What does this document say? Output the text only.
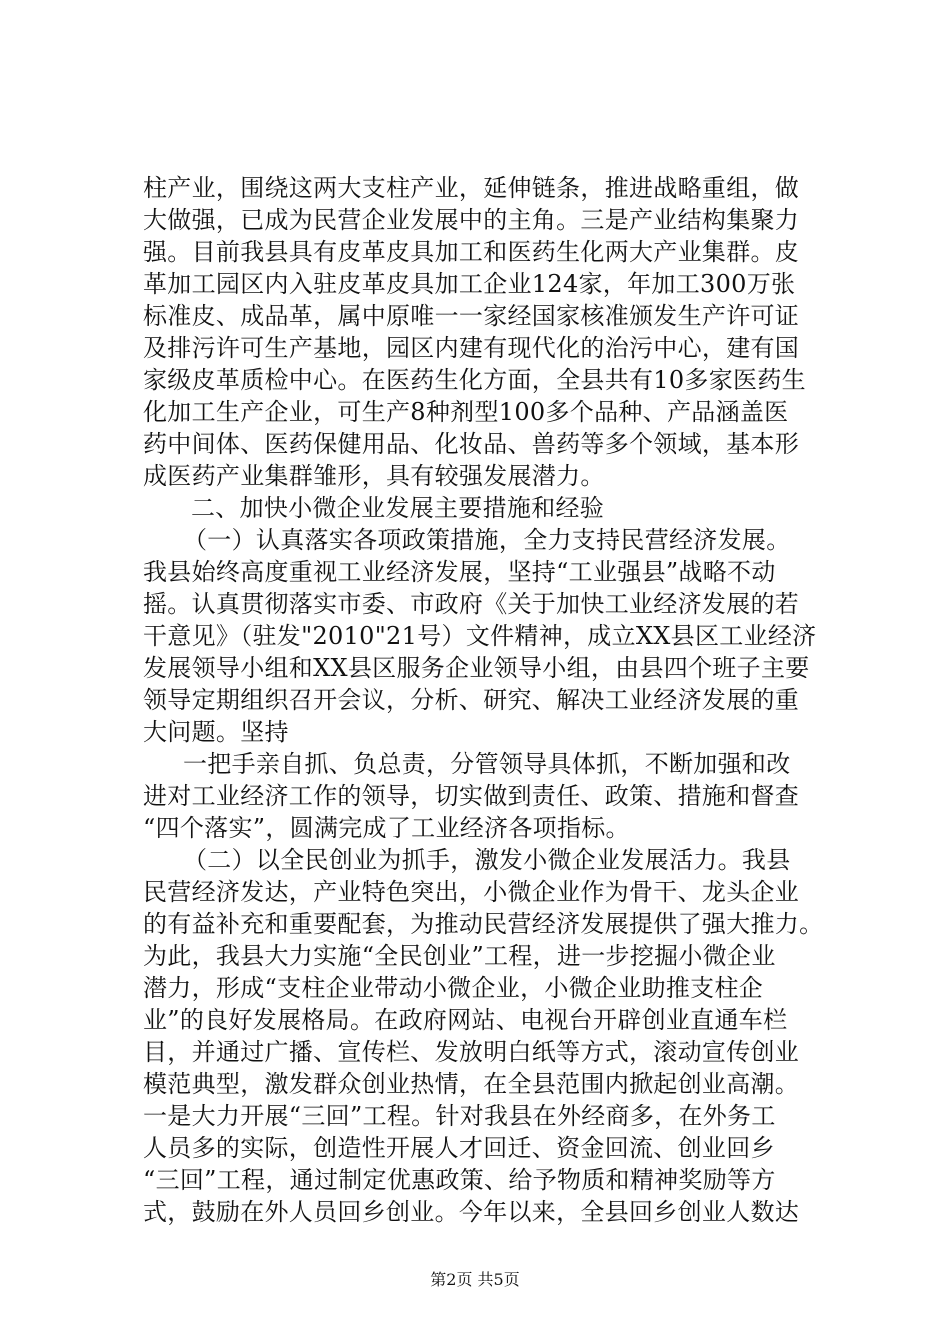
柱产业，围绕这两大支柱产业，延伸链条，推进战略重组，做
大做强，已成为民营企业发展中的主角。三是产业结构集聚力
强。目前我县具有皮革皮具加工和医药生化两大产业集群。皮
革加工园区内入驻皮革皮具加工企业124家，年加工300万张
标准皮、成品革，属中原唯一一家经国家核准颁发生产许可证
及排污许可生产基地，园区内建有现代化的治污中心，建有国
家级皮革质检中心。在医药生化方面，全县共有10多家医药生
化加工生产企业，可生产8种剂型100多个品种、产品涵盖医
药中间体、医药保健用品、化妆品、兽药等多个领域，基本形
成医药产业集群雏形，具有较强发展潜力。
二、加快小微企业发展主要措施和经验
（一）认真落实各项政策措施，全力支持民营经济发展。
我县始终高度重视工业经济发展，坚持“工业强县”战略不动
摇。认真贯彻落实市委、市政府《关于加快工业经济发展的若
干意见》（驻发"2010"21号）文件精神，成立XX县区工业经济
发展领导小组和XX县区服务企业领导小组，由县四个班子主要
领导定期组织召开会议，分析、研究、解决工业经济发展的重
大问题。坚持
一把手亲自抓、负总责，分管领导具体抓，不断加强和改
进对工业经济工作的领导，切实做到责任、政策、措施和督查
“四个落实”，圆满完成了工业经济各项指标。
（二）以全民创业为抓手，激发小微企业发展活力。我县
民营经济发达，产业特色突出，小微企业作为骨干、龙头企业
的有益补充和重要配套，为推动民营经济发展提供了强大推力。
为此，我县大力实施“全民创业”工程，进一步挖掘小微企业
潜力，形成“支柱企业带动小微企业，小微企业助推支柱企
业”的良好发展格局。在政府网站、电视台开辟创业直通车栏
目，并通过广播、宣传栏、发放明白纸等方式，滚动宣传创业
模范典型，激发群众创业热情，在全县范围内掀起创业高潮。
一是大力开展“三回”工程。针对我县在外经商多，在外务工
人员多的实际，创造性开展人才回迁、资金回流、创业回乡
“三回”工程，通过制定优惠政策、给予物质和精神奖励等方
式，鼓励在外人员回乡创业。今年以来，全县回乡创业人数达
第2页 共5页
